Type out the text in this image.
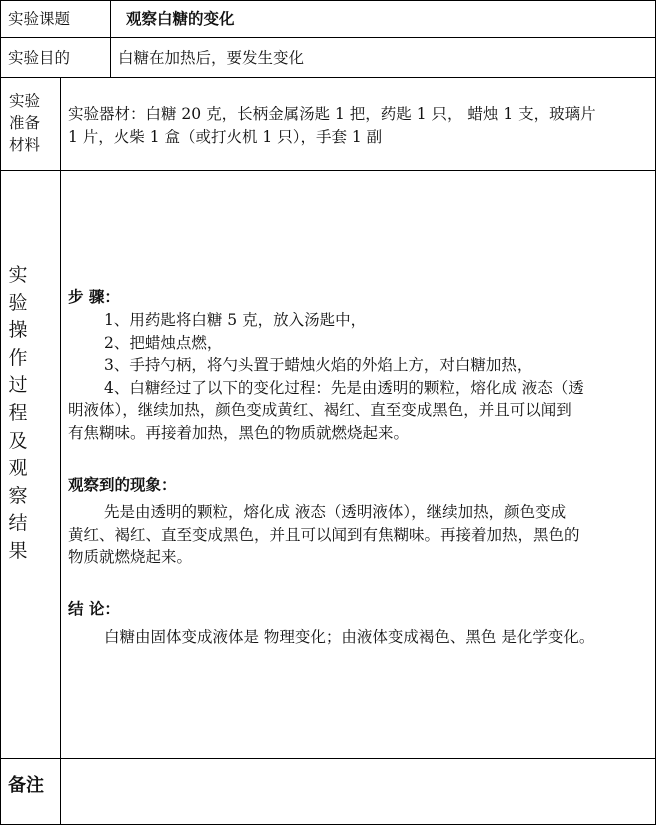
实验课题	观察白糖的变化
实验目的	白糖在加热后，要发生变化
实验
准备
材料
实验器材：白糖 20 克，长柄金属汤匙 1 把，药匙 1 只， 蜡烛 1 支，玻璃片
1 片，火柴 1 盒（或打火机 1 只），手套 1 副
实验操作过程及观察结果
步 骤：
1、用药匙将白糖 5 克，放入汤匙中，
2、把蜡烛点燃，
3、手持勺柄，将勺头置于蜡烛火焰的外焰上方，对白糖加热，
4、白糖经过了以下的变化过程：先是由透明的颗粒，熔化成 液态（透
明液体），继续加热，颜色变成黄红、褐红、直至变成黑色，并且可以闻到
有焦糊味。再接着加热，黑色的物质就燃烧起来。
观察到的现象：
先是由透明的颗粒，熔化成 液态（透明液体），继续加热，颜色变成
黄红、褐红、直至变成黑色，并且可以闻到有焦糊味。再接着加热，黑色的
物质就燃烧起来。
结 论：
白糖由固体变成液体是 物理变化；由液体变成褐色、黑色 是化学变化。
备注
